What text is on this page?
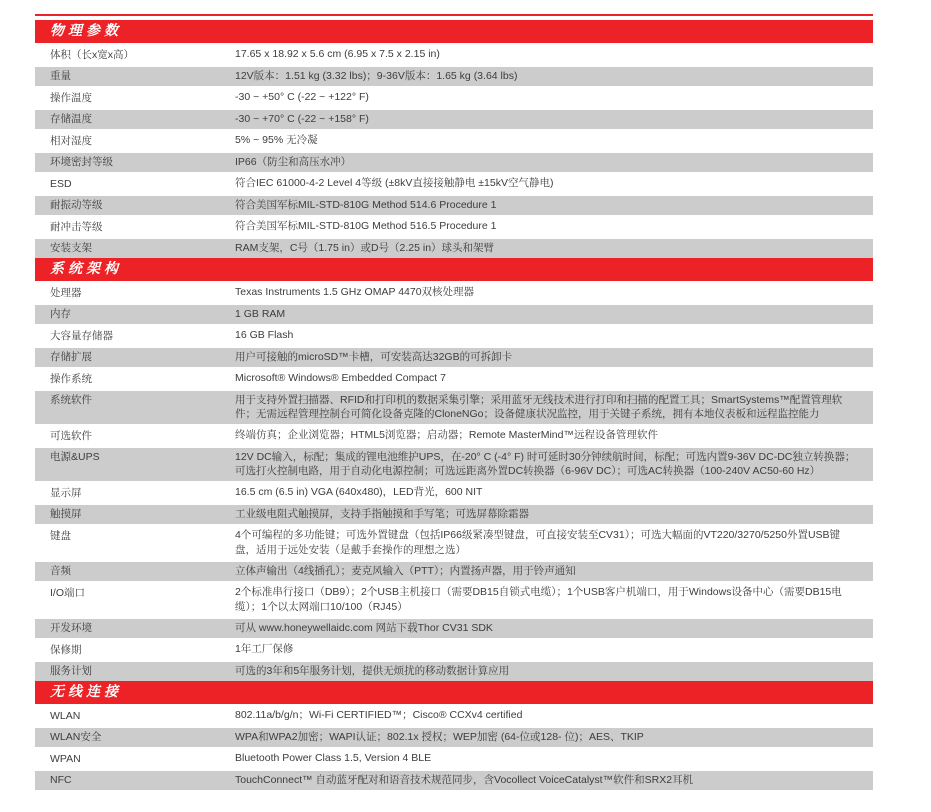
物理参数
体积（长x宽x高）	17.65 x 18.92 x 5.6 cm (6.95 x 7.5 x 2.15 in)
重量	12V版本：1.51 kg (3.32 lbs)；9-36V版本：1.65 kg (3.64 lbs)
操作温度	-30 ~ +50° C (-22 ~ +122° F)
存储温度	-30 ~ +70° C (-22 ~ +158° F)
相对湿度	5% ~ 95% 无冷凝
环境密封等级	IP66（防尘和高压水冲）
ESD	符合IEC 61000-4-2 Level 4等级 (±8kV直接接触静电 ±15kV空气静电)
耐振动等级	符合美国军标MIL-STD-810G Method 514.6 Procedure 1
耐冲击等级	符合美国军标MIL-STD-810G Method 516.5 Procedure 1
安装支架	RAM支架，C号（1.75 in）或D号（2.25 in）球头和架臂
系统架构
处理器	Texas Instruments 1.5 GHz OMAP 4470双核处理器
内存	1 GB RAM
大容量存储器	16 GB Flash
存储扩展	用户可接触的microSD™卡槽，可安装高达32GB的可拆卸卡
操作系统	Microsoft® Windows® Embedded Compact 7
系统软件	用于支持外置扫描器、RFID和打印机的数据采集引擎；采用蓝牙无线技术进行打印和扫描的配置工具；SmartSystems™配置管理软件；无需远程管理控制台可简化设备克隆的CloneNGo；设备健康状况监控，用于关键子系统，拥有本地仪表板和远程监控能力
可选软件	终端仿真；企业浏览器；HTML5浏览器；启动器；Remote MasterMind™远程设备管理软件
电源&UPS	12V DC输入，标配；集成的锂电池维护UPS，在-20° C (-4° F) 时可延时30分钟续航时间，标配；可选内置9-36V DC-DC独立转换器；可选打火控制电路，用于自动化电源控制；可选远距离外置DC转换器（6-96V DC）；可选AC转换器（100-240V AC50-60 Hz）
显示屏	16.5 cm (6.5 in) VGA (640x480)，LED背光，600 NIT
触摸屏	工业级电阻式触摸屏，支持手指触摸和手写笔；可选屏幕除霜器
键盘	4个可编程的多功能键；可选外置键盘（包括IP66级紧凑型键盘，可直接安装至CV31）；可选大幅面的VT220/3270/5250外置USB键盘，适用于远处安装（是戴手套操作的理想之选）
音频	立体声输出（4线插孔）；麦克风输入（PTT）；内置扬声器，用于铃声通知
I/O端口	2个标准串行接口（DB9）；2个USB主机接口（需要DB15自锁式电缆）；1个USB客户机端口，用于Windows设备中心（需要DB15电缆）；1个以太网端口10/100（RJ45）
开发环境	可从 www.honeywellaidc.com 网站下载Thor CV31 SDK
保修期	1年工厂保修
服务计划	可选的3年和5年服务计划，提供无烦扰的移动数据计算应用
无线连接
WLAN	802.11a/b/g/n；Wi-Fi CERTIFIED™；Cisco® CCXv4 certified
WLAN安全	WPA和WPA2加密；WAPI认证；802.1x 授权；WEP加密 (64-位或128- 位)；AES、TKIP
WPAN	Bluetooth Power Class 1.5, Version 4 BLE
NFC	TouchConnect™ 自动蓝牙配对和语音技术规范同步，含Vocollect VoiceCatalyst™软件和SRX2耳机
